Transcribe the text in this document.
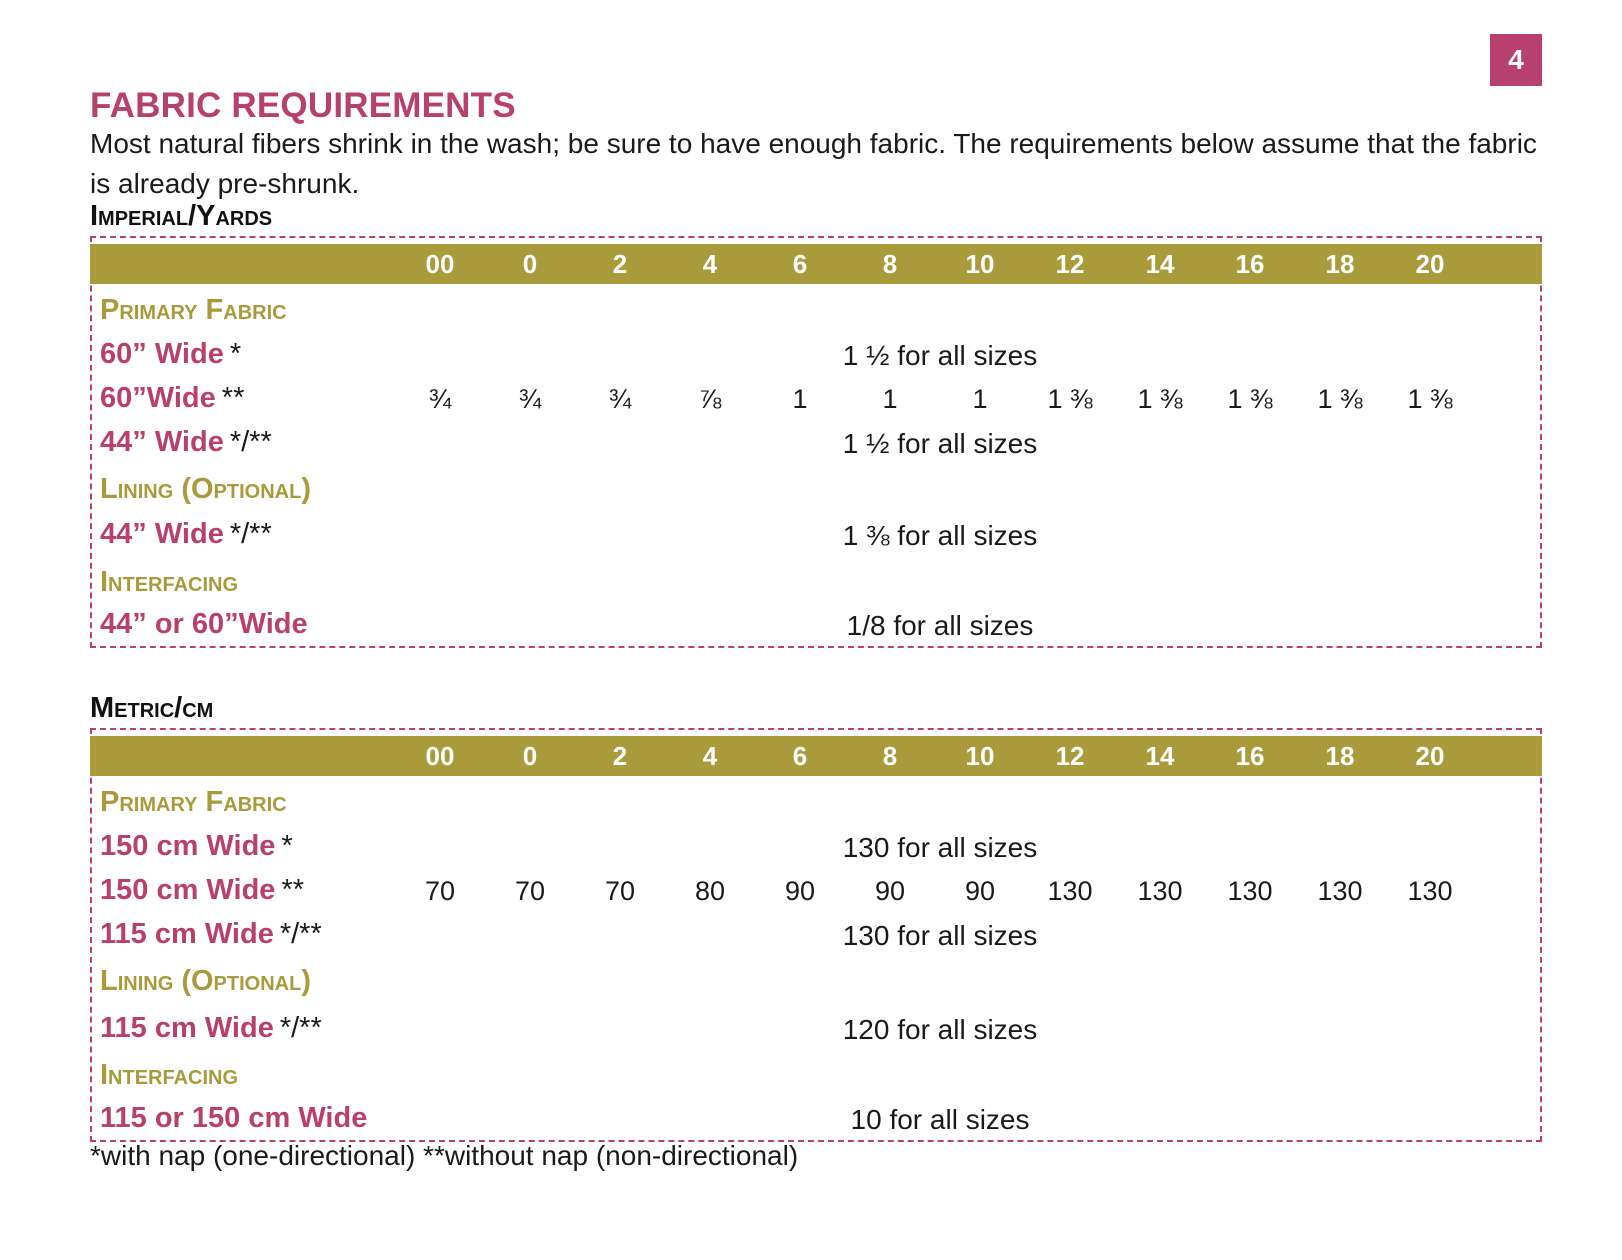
4
FABRIC REQUIREMENTS

Most natural fibers shrink in the wash; be sure to have enough fabric. The requirements below assume that the fabric is already pre-shrunk.

Imperial/Yards
00	0	2	4	6	8	10	12	14	16	18	20
Primary Fabric
60” Wide *	1 ½ for all sizes
60”Wide **	¾	¾	¾	⅞	1	1	1	1 ⅜	1 ⅜	1 ⅜	1 ⅜	1 ⅜
44” Wide */**	1 ½ for all sizes
Lining (Optional)
44” Wide */**	1 ⅜ for all sizes
Interfacing
44” or 60”Wide	1/8 for all sizes
Metric/cm
00	0	2	4	6	8	10	12	14	16	18	20
Primary Fabric
150 cm Wide *	130 for all sizes
150 cm Wide **	70	70	70	80	90	90	90	130	130	130	130	130
115 cm Wide */**	130 for all sizes
Lining (Optional)
115 cm Wide */**	120 for all sizes
Interfacing
115 or 150 cm Wide	10 for all sizes

*with nap (one-directional) **without nap (non-directional)
